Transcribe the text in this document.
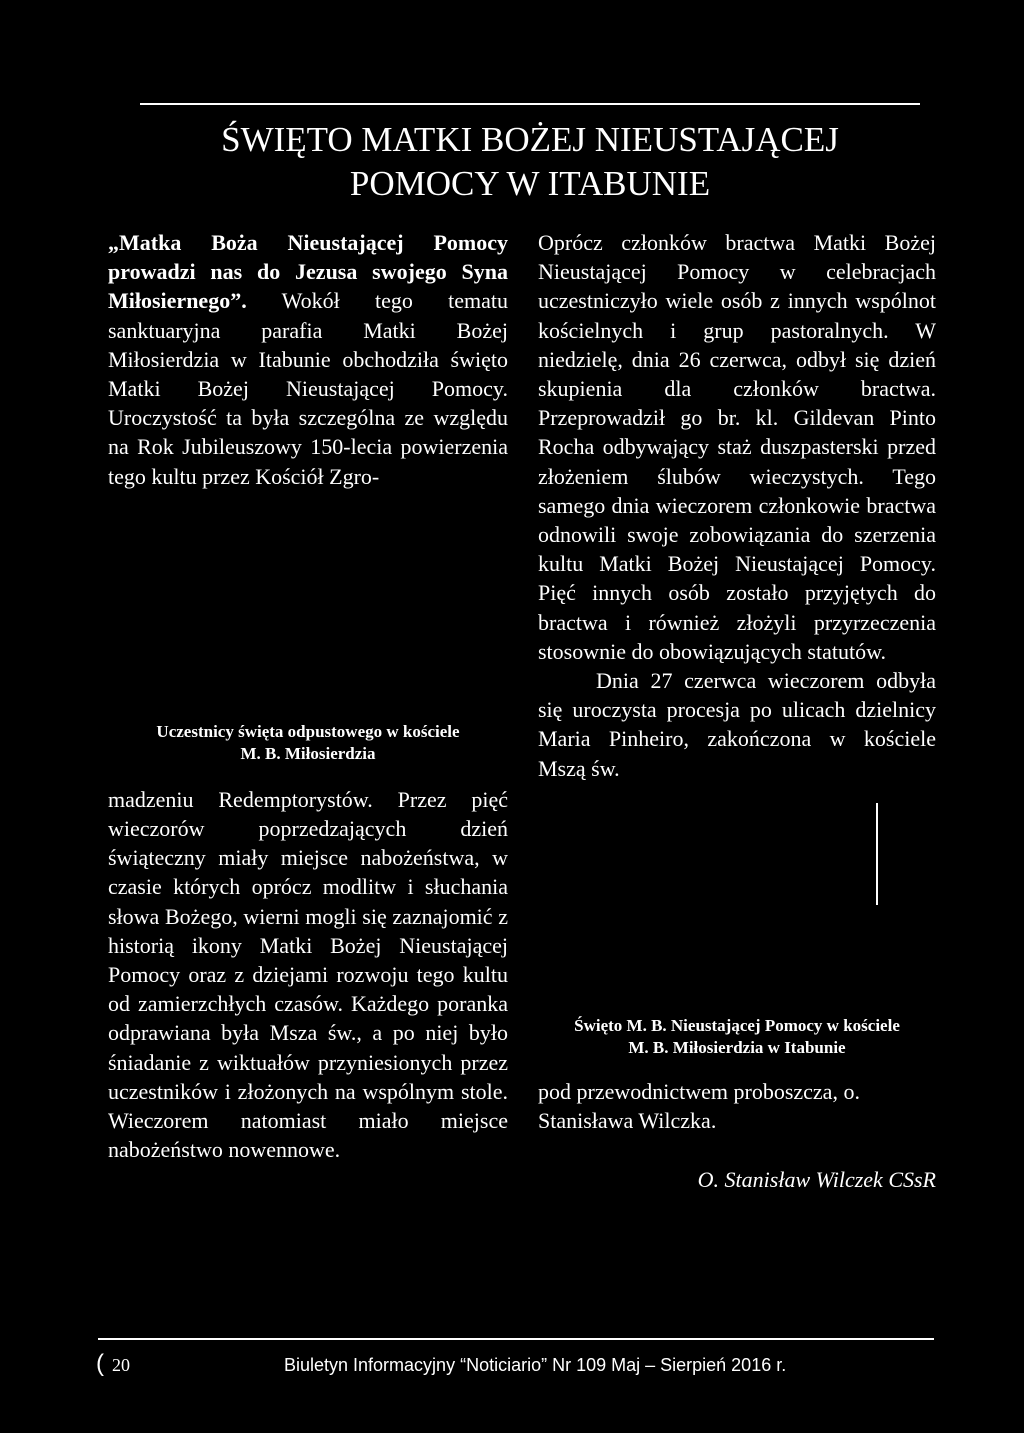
ŚWIĘTO MATKI BOŻEJ NIEUSTAJĄCEJ
POMOCY W ITABUNIE

„Matka Boża Nieustającej Pomocy prowadzi nas do Jezusa swojego Syna Miłosiernego”. Wokół tego tematu sanktuaryjna parafia Matki Bożej Miłosierdzia w Itabunie obchodziła święto Matki Bożej Nieustającej Pomocy. Uroczystość ta była szczególna ze względu na Rok Jubileuszowy 150-lecia powierzenia tego kultu przez Kościół Zgro-

Uczestnicy święta odpustowego w kościele
M. B. Miłosierdzia

madzeniu Redemptorystów. Przez pięć wieczorów poprzedzających dzień świąteczny miały miejsce nabożeństwa, w czasie których oprócz modlitw i słuchania słowa Bożego, wierni mogli się zaznajomić z historią ikony Matki Bożej Nieustającej Pomocy oraz z dziejami rozwoju tego kultu od zamierzchłych czasów. Każdego poranka odprawiana była Msza św., a po niej było śniadanie z wiktuałów przyniesionych przez uczestników i złożonych na wspólnym stole. Wieczorem natomiast miało miejsce nabożeństwo nowennowe.

Oprócz członków bractwa Matki Bożej Nieustającej Pomocy w celebracjach uczestniczyło wiele osób z innych wspólnot kościelnych i grup pastoralnych. W niedzielę, dnia 26 czerwca, odbył się dzień skupienia dla członków bractwa. Przeprowadził go br. kl. Gildevan Pinto Rocha odbywający staż duszpasterski przed złożeniem ślubów wieczystych. Tego samego dnia wieczorem członkowie bractwa odnowili swoje zobowiązania do szerzenia kultu Matki Bożej Nieustającej Pomocy. Pięć innych osób zostało przyjętych do bractwa i również złożyli przyrzeczenia stosownie do obowiązujących statutów.

Dnia 27 czerwca wieczorem odbyła się uroczysta procesja po ulicach dzielnicy Maria Pinheiro, zakończona w kościele Mszą św.

Święto M. B. Nieustającej Pomocy w kościele
M. B. Miłosierdzia w Itabunie

pod przewodnictwem proboszcza, o. Stanisława Wilczka.

O. Stanisław Wilczek CSsR

( 20	Biuletyn Informacyjny “Noticiario” Nr 109 Maj – Sierpień 2016 r.
